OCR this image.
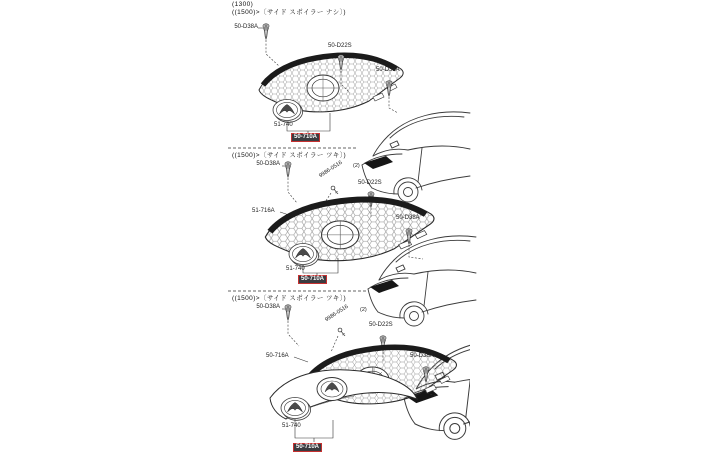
(1300)
((1500)>〔サイド スポイラー ナシ〕)
50-D38A
50-D22S
50-D38A
51-740
50-710A
((1500)>〔サイド スポイラー ツキ〕)
50-D38A	9986-0516 (2)
50-D22S
51-716A
50-D38A
51-740
50-710A
((1500)>〔サイド スポイラー ツキ〕)
50-D38A	9986-0516 (2)
50-D22S
50-716A	50-D38A
51-740
50-710A
